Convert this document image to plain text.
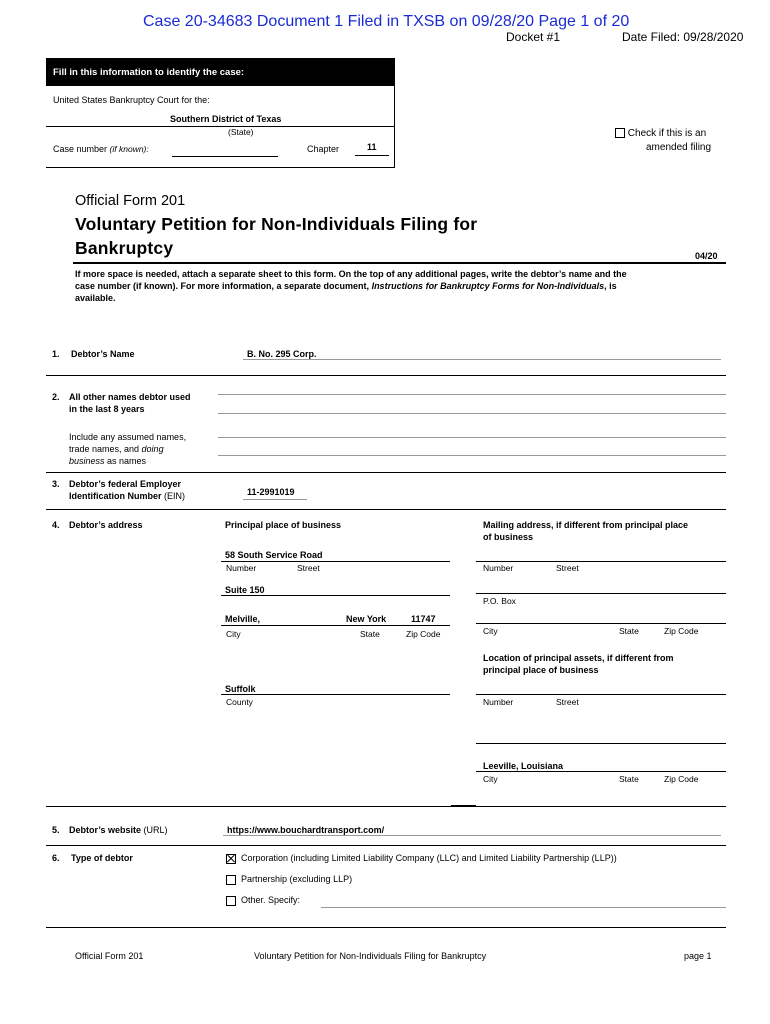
Case 20-34683 Document 1 Filed in TXSB on 09/28/20 Page 1 of 20
Docket #1	Date Filed: 09/28/2020
Fill in this information to identify the case:
United States Bankruptcy Court for the:
Southern District of Texas
(State)
Case number (if known):	Chapter	11
Check if this is an
amended filing
Official Form 201
Voluntary Petition for Non-Individuals Filing for
Bankruptcy	04/20
If more space is needed, attach a separate sheet to this form. On the top of any additional pages, write the debtor’s name and the
case number (if known). For more information, a separate document, Instructions for Bankruptcy Forms for Non-Individuals, is
available.
1. Debtor’s Name	B. No. 295 Corp.
2. All other names debtor used
in the last 8 years
Include any assumed names,
trade names, and doing
business as names
3. Debtor’s federal Employer
Identification Number (EIN)	11-2991019
4. Debtor’s address	Principal place of business	Mailing address, if different from principal place
of business
58 South Service Road
Number	Street	Number	Street
Suite 150
P.O. Box
Melville,	New York	11747
City	State	Zip Code	City	State	Zip Code
Location of principal assets, if different from
principal place of business
Suffolk
County	Number	Street
Leeville, Louisiana
City	State	Zip Code
5. Debtor’s website (URL)	https://www.bouchardtransport.com/
6. Type of debtor	Corporation (including Limited Liability Company (LLC) and Limited Liability Partnership (LLP))
Partnership (excluding LLP)
Other. Specify:
Official Form 201	Voluntary Petition for Non-Individuals Filing for Bankruptcy	page 1
